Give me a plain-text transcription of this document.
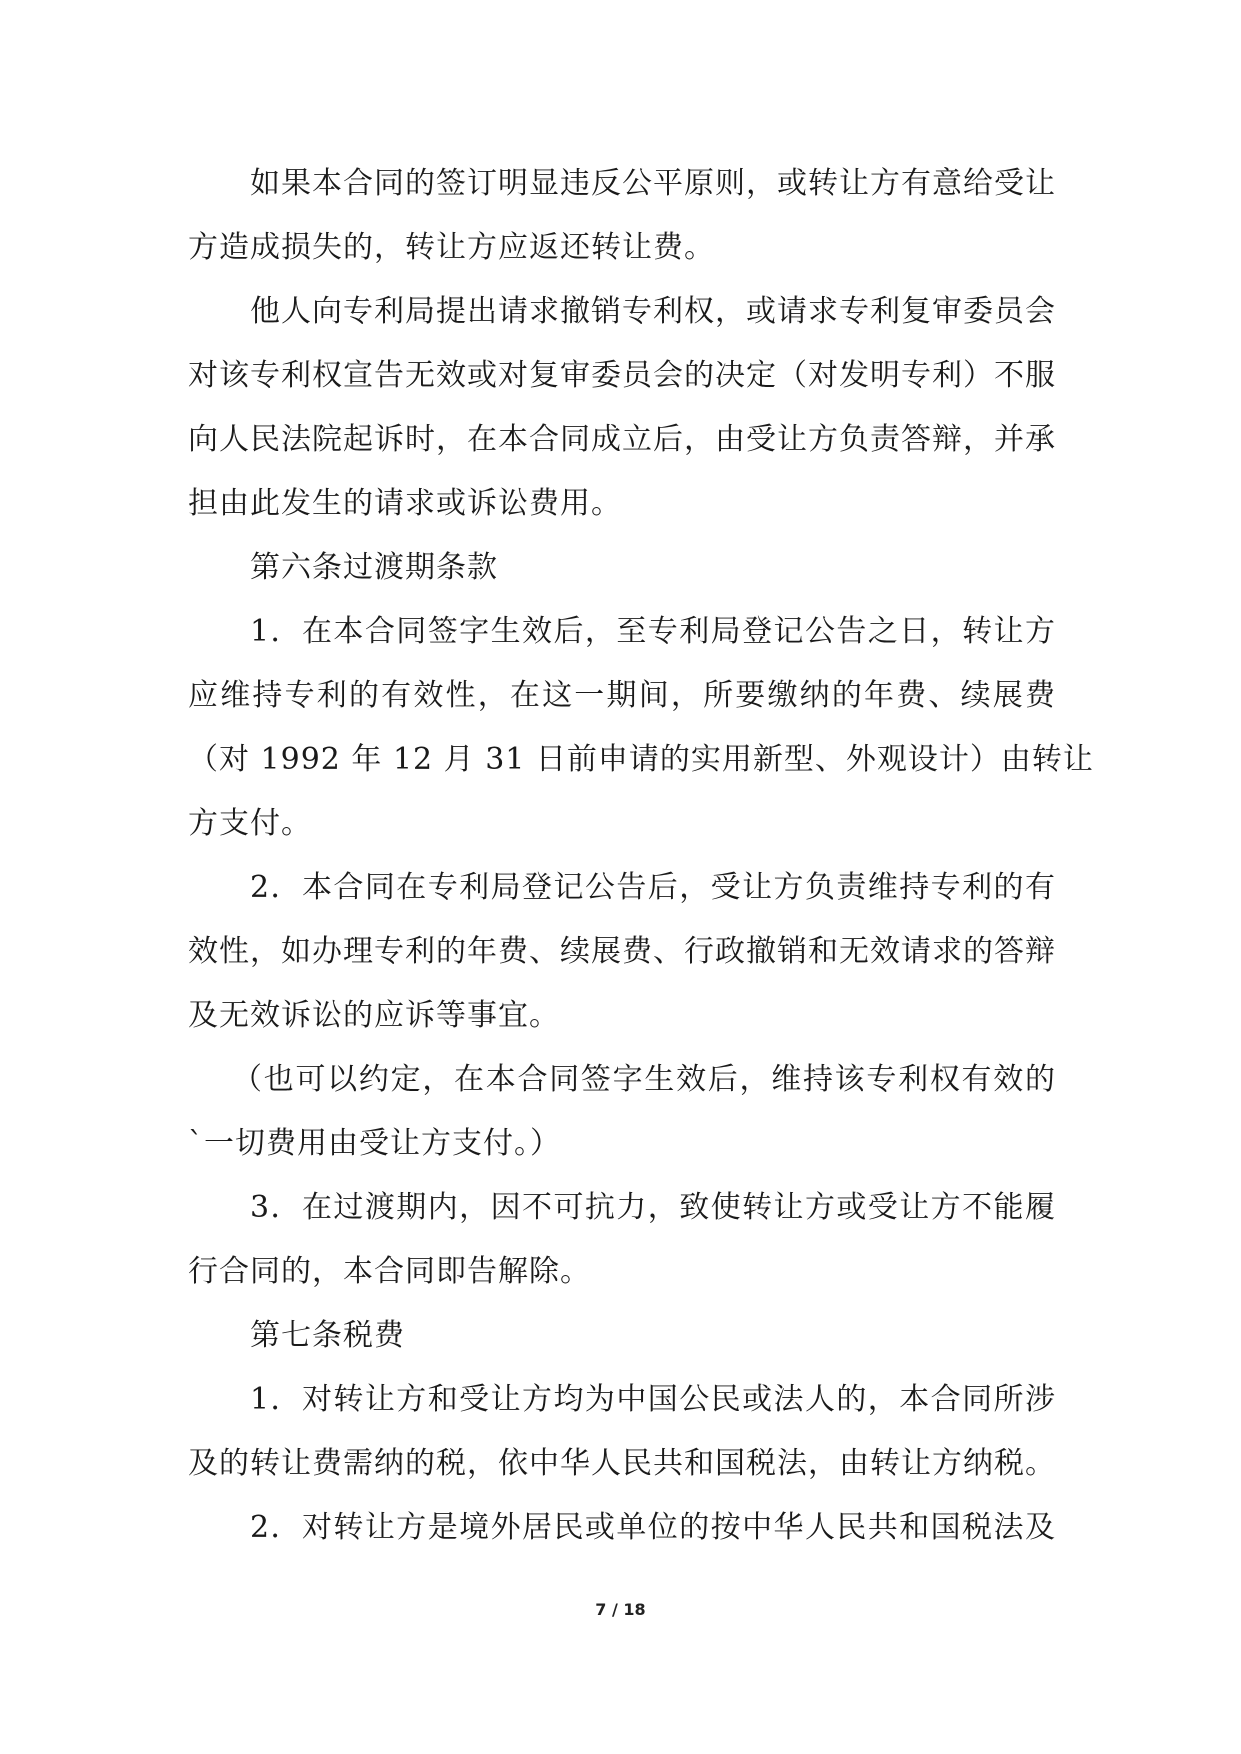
如果本合同的签订明显违反公平原则，或转让方有意给受让
方造成损失的，转让方应返还转让费。
他人向专利局提出请求撤销专利权，或请求专利复审委员会
对该专利权宣告无效或对复审委员会的决定（对发明专利）不服
向人民法院起诉时，在本合同成立后，由受让方负责答辩，并承
担由此发生的请求或诉讼费用。
第六条过渡期条款
1．在本合同签字生效后，至专利局登记公告之日，转让方
应维持专利的有效性，在这一期间，所要缴纳的年费、续展费
（对 1992 年 12 月 31 日前申请的实用新型、外观设计）由转让
方支付。
2．本合同在专利局登记公告后，受让方负责维持专利的有
效性，如办理专利的年费、续展费、行政撤销和无效请求的答辩
及无效诉讼的应诉等事宜。
（也可以约定，在本合同签字生效后，维持该专利权有效的
`一切费用由受让方支付。）
3．在过渡期内，因不可抗力，致使转让方或受让方不能履
行合同的，本合同即告解除。
第七条税费
1．对转让方和受让方均为中国公民或法人的，本合同所涉
及的转让费需纳的税，依中华人民共和国税法，由转让方纳税。
2．对转让方是境外居民或单位的按中华人民共和国税法及
7 / 18
